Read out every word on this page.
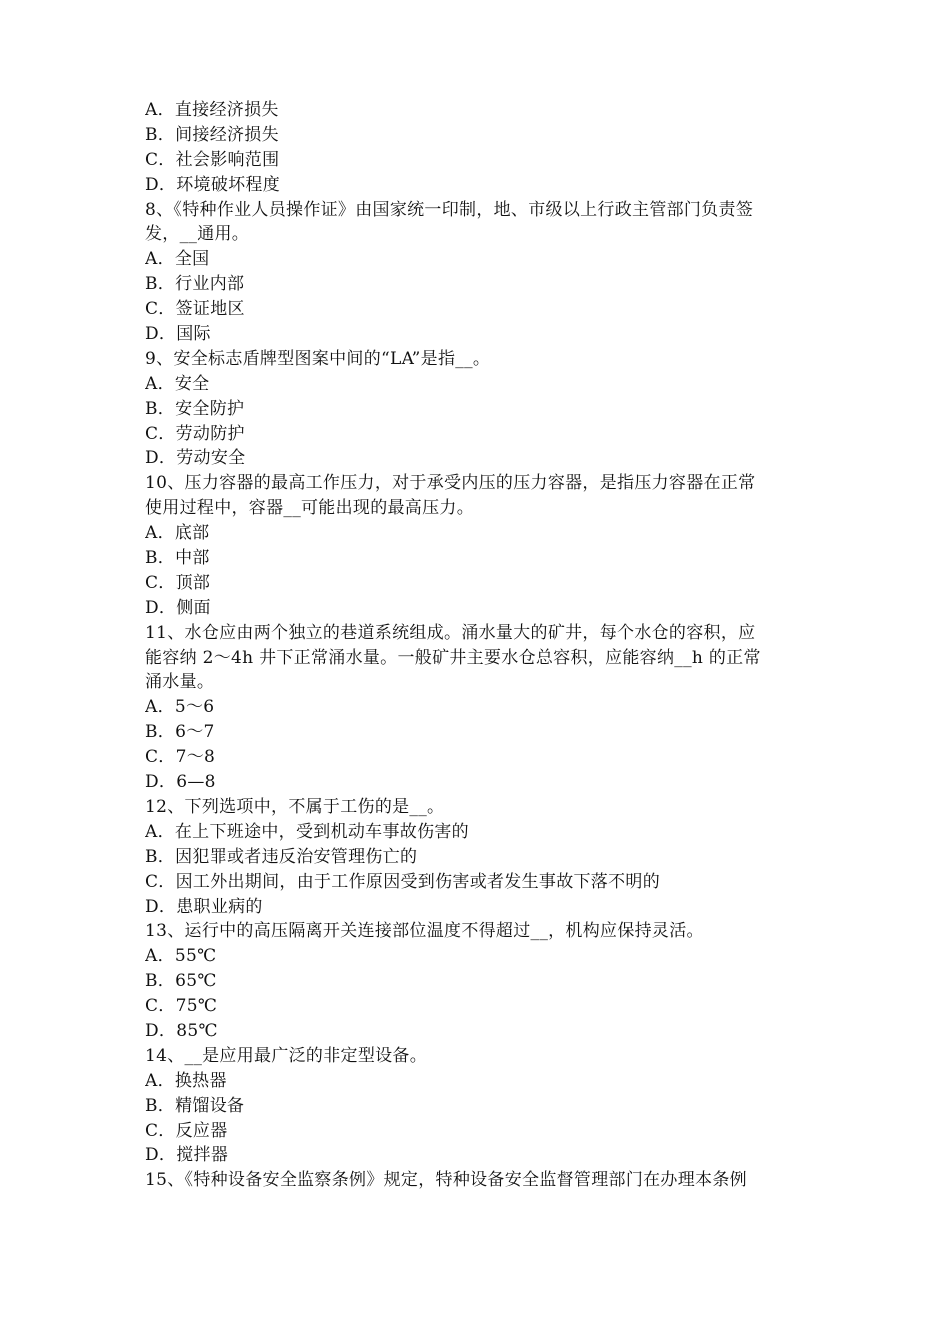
A．直接经济损失
B．间接经济损失
C．社会影响范围
D．环境破坏程度
8、《特种作业人员操作证》由国家统一印制，地、市级以上行政主管部门负责签
发，__通用。
A．全国
B．行业内部
C．签证地区
D．国际
9、安全标志盾牌型图案中间的“LA”是指__。
A．安全
B．安全防护
C．劳动防护
D．劳动安全
10、压力容器的最高工作压力，对于承受内压的压力容器，是指压力容器在正常
使用过程中，容器__可能出现的最高压力。
A．底部
B．中部
C．顶部
D．侧面
11、水仓应由两个独立的巷道系统组成。涌水量大的矿井，每个水仓的容积，应
能容纳 2～4h 井下正常涌水量。一般矿井主要水仓总容积，应能容纳__h 的正常
涌水量。
A．5～6
B．6～7
C．7～8
D．6—8
12、下列选项中，不属于工伤的是__。
A．在上下班途中，受到机动车事故伤害的
B．因犯罪或者违反治安管理伤亡的
C．因工外出期间，由于工作原因受到伤害或者发生事故下落不明的
D．患职业病的
13、运行中的高压隔离开关连接部位温度不得超过__，机构应保持灵活。
A．55℃
B．65℃
C．75℃
D．85℃
14、__是应用最广泛的非定型设备。
A．换热器
B．精馏设备
C．反应器
D．搅拌器
15、《特种设备安全监察条例》规定，特种设备安全监督管理部门在办理本条例
